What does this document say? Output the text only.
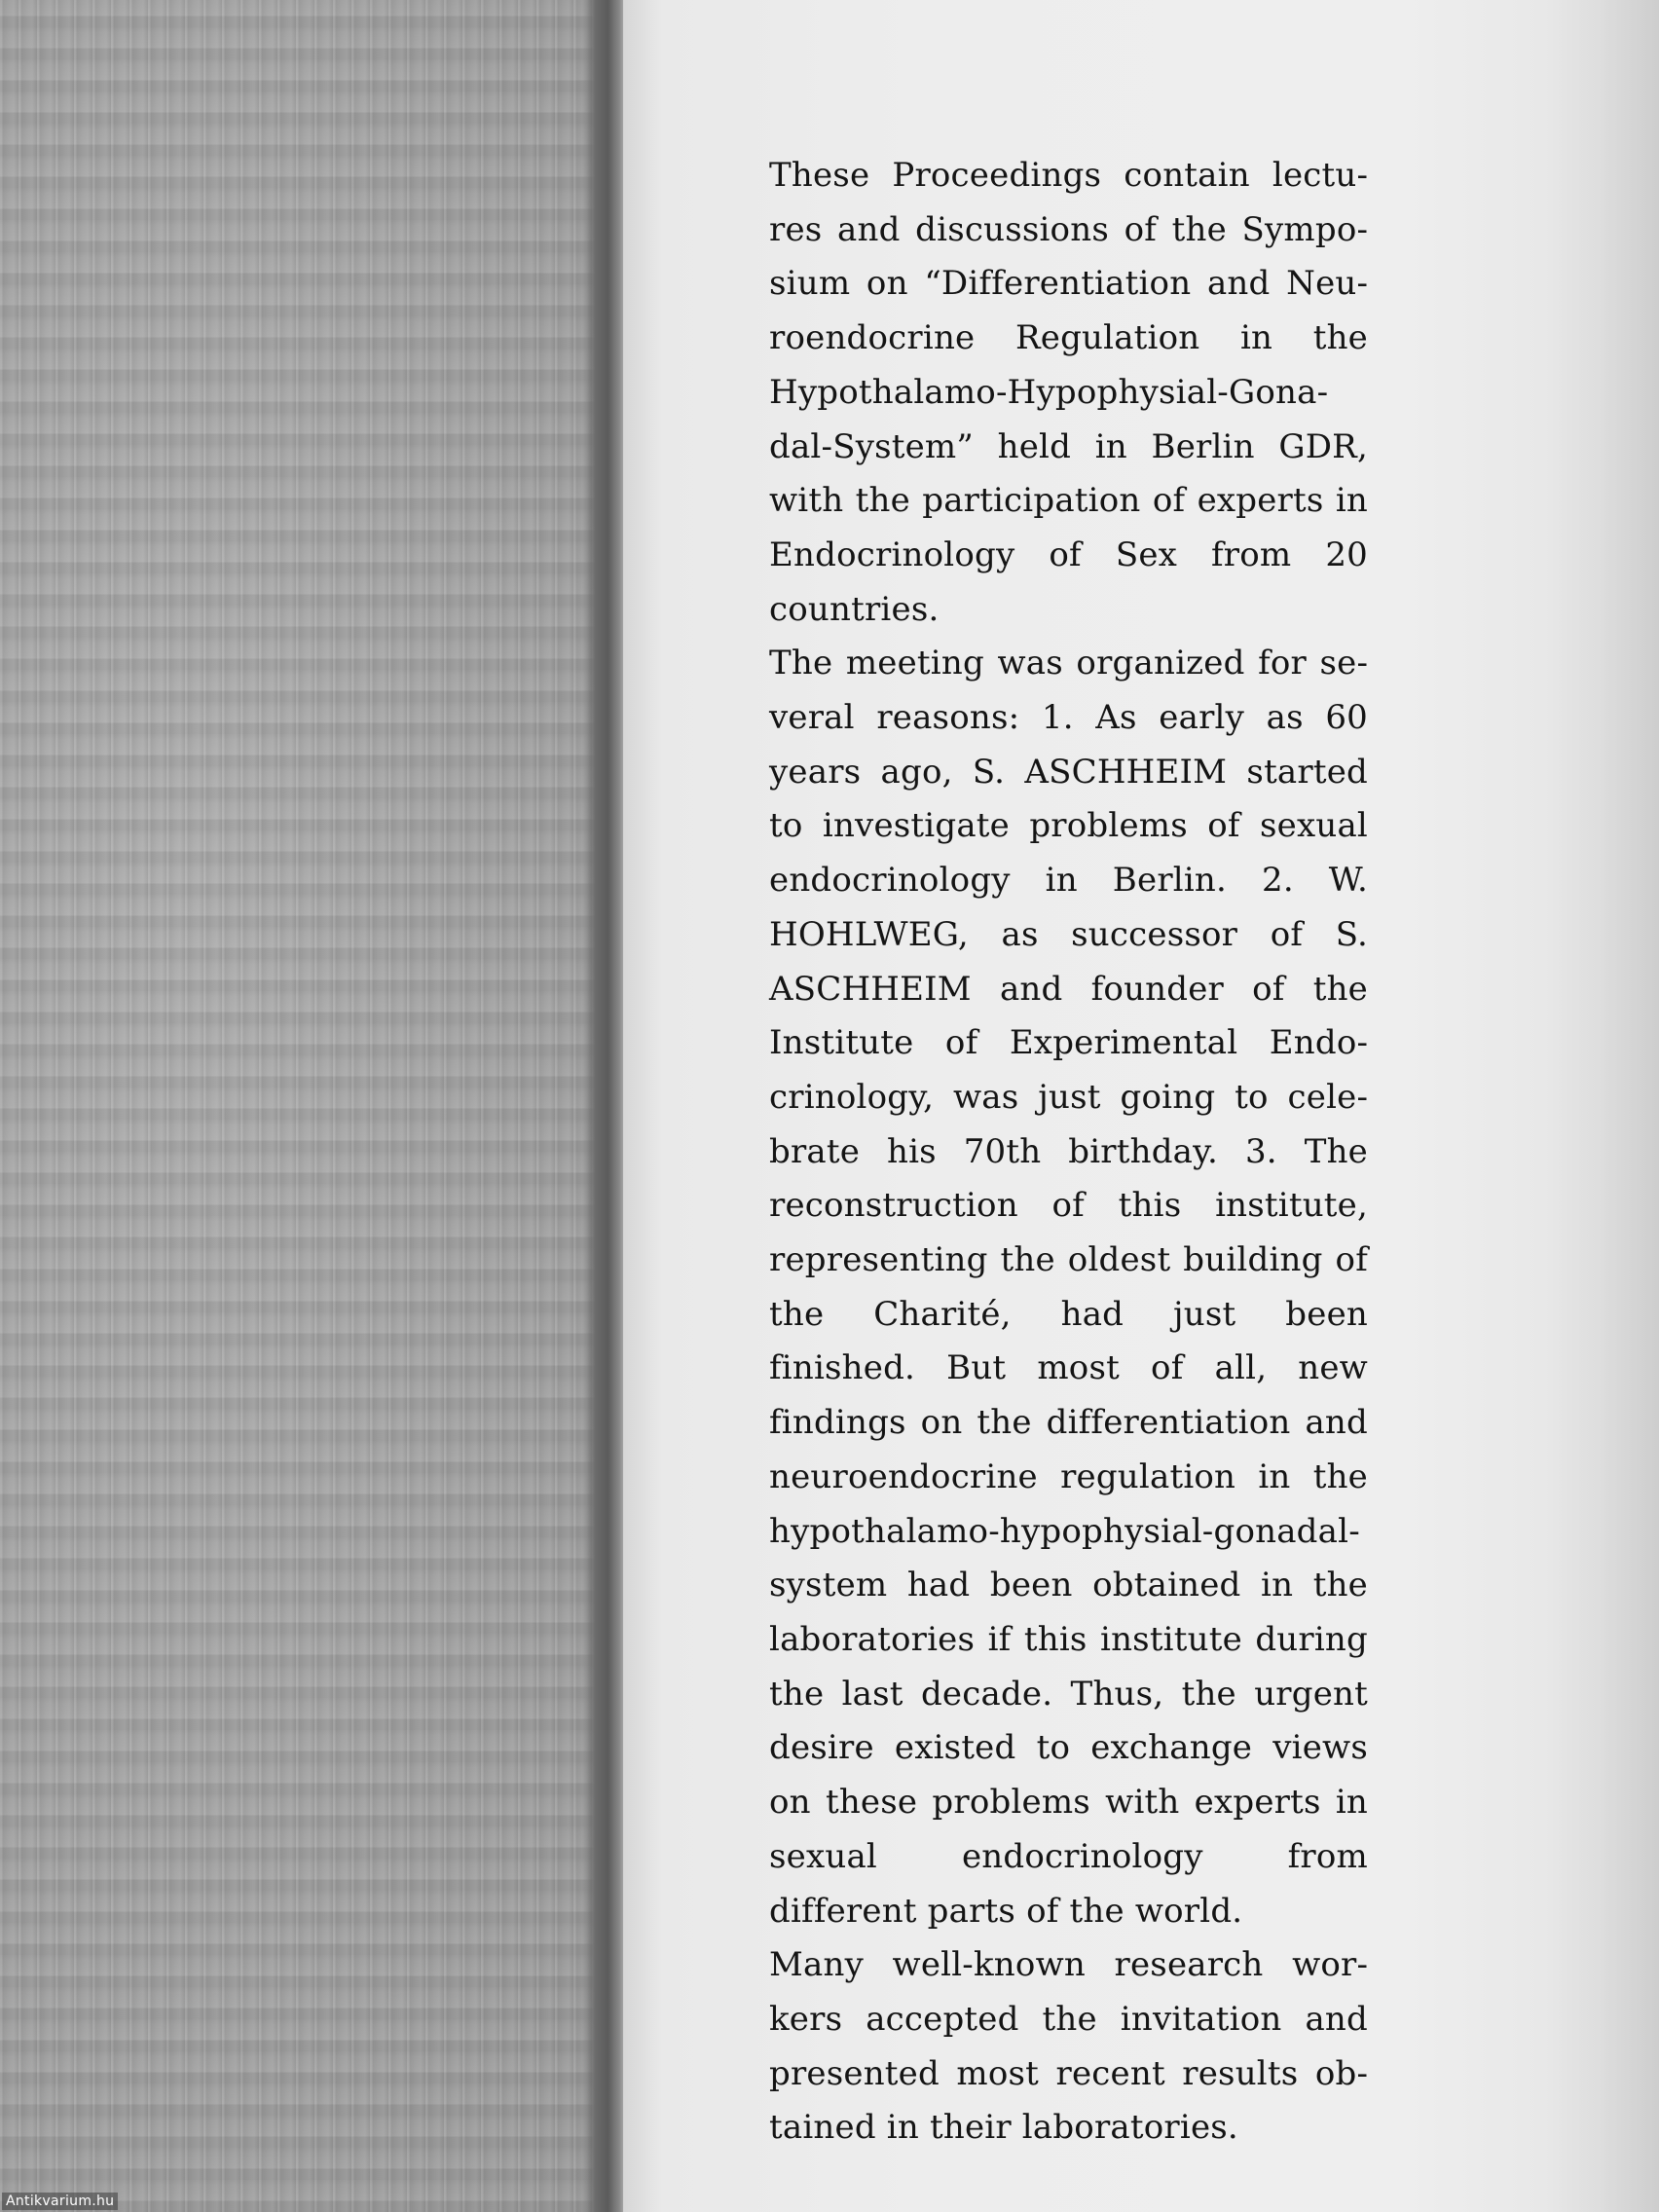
These Proceedings contain lectures and discussions of the Symposium on “Differentiation and Neuroendocrine Regulation in the Hypothalamo-Hypophysial-Gonadal-System” held in Berlin GDR, with the participation of experts in Endocrinology of Sex from 20 countries.

The meeting was organized for several reasons: 1. As early as 60 years ago, S. ASCHHEIM started to investigate problems of sexual endocrinology in Berlin. 2. W. HOHLWEG, as successor of S. ASCHHEIM and founder of the Institute of Experimental Endocrinology, was just going to celebrate his 70th birthday. 3. The reconstruction of this institute, representing the oldest building of the Charité, had just been finished. But most of all, new findings on the differentiation and neuroendocrine regulation in the hypothalamo-hypophysial-gonadal-system had been obtained in the laboratories if this institute during the last decade. Thus, the urgent desire existed to exchange views on these problems with experts in sexual endocrinology from different parts of the world.

Many well-known research workers accepted the invitation and presented most recent results obtained in their laboratories.

Antikvarium.hu
